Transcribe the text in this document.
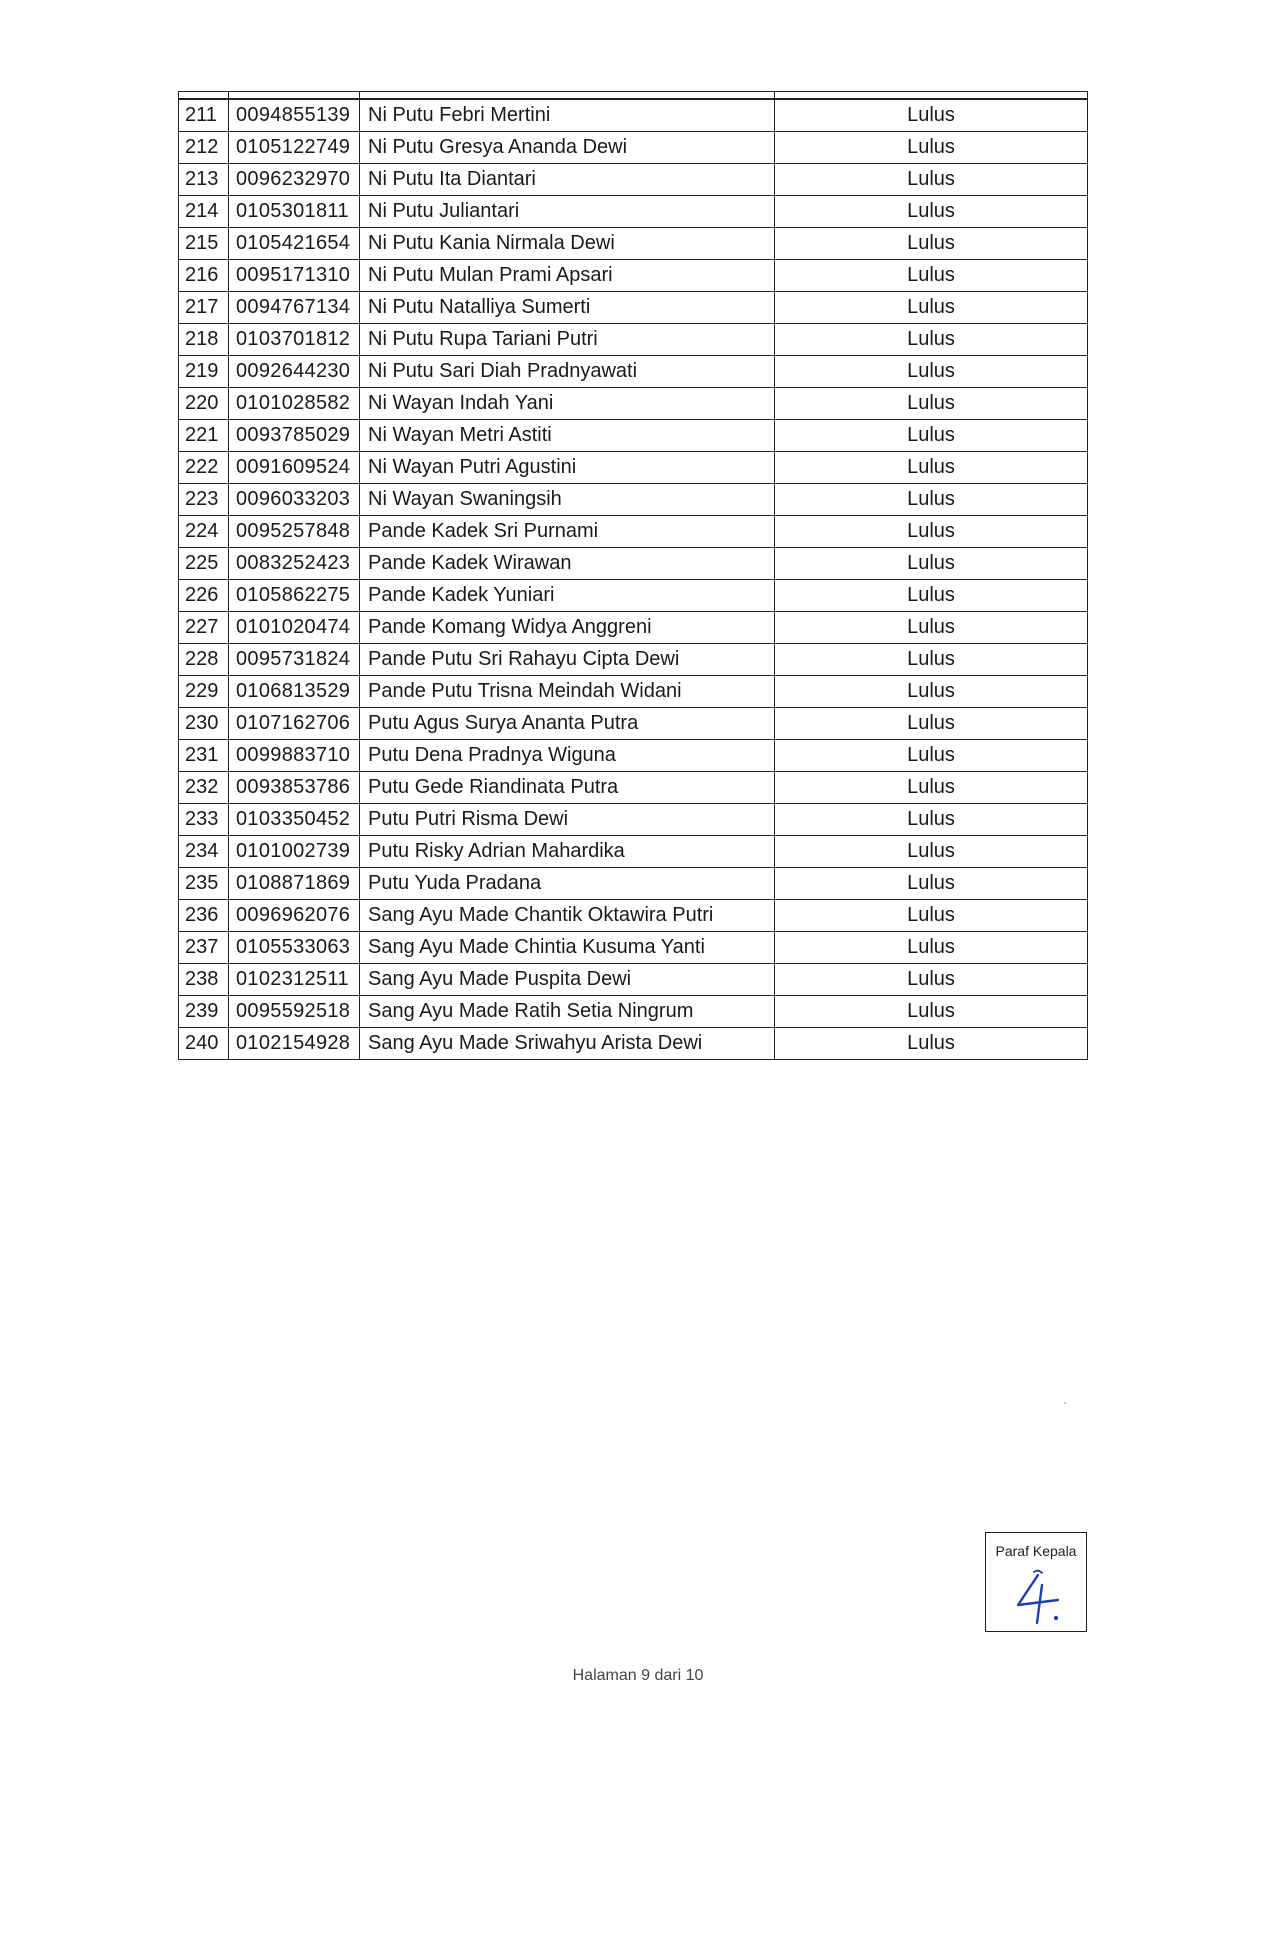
211	0094855139	Ni Putu Febri Mertini	Lulus
212	0105122749	Ni Putu Gresya Ananda Dewi	Lulus
213	0096232970	Ni Putu Ita Diantari	Lulus
214	0105301811	Ni Putu Juliantari	Lulus
215	0105421654	Ni Putu Kania Nirmala Dewi	Lulus
216	0095171310	Ni Putu Mulan Prami Apsari	Lulus
217	0094767134	Ni Putu Natalliya Sumerti	Lulus
218	0103701812	Ni Putu Rupa Tariani Putri	Lulus
219	0092644230	Ni Putu Sari Diah Pradnyawati	Lulus
220	0101028582	Ni Wayan Indah Yani	Lulus
221	0093785029	Ni Wayan Metri Astiti	Lulus
222	0091609524	Ni Wayan Putri Agustini	Lulus
223	0096033203	Ni Wayan Swaningsih	Lulus
224	0095257848	Pande Kadek Sri Purnami	Lulus
225	0083252423	Pande Kadek Wirawan	Lulus
226	0105862275	Pande Kadek Yuniari	Lulus
227	0101020474	Pande Komang Widya Anggreni	Lulus
228	0095731824	Pande Putu Sri Rahayu Cipta Dewi	Lulus
229	0106813529	Pande Putu Trisna Meindah Widani	Lulus
230	0107162706	Putu Agus Surya Ananta Putra	Lulus
231	0099883710	Putu Dena Pradnya Wiguna	Lulus
232	0093853786	Putu Gede Riandinata Putra	Lulus
233	0103350452	Putu Putri Risma Dewi	Lulus
234	0101002739	Putu Risky Adrian Mahardika	Lulus
235	0108871869	Putu Yuda Pradana	Lulus
236	0096962076	Sang Ayu Made Chantik Oktawira Putri	Lulus
237	0105533063	Sang Ayu Made Chintia Kusuma Yanti	Lulus
238	0102312511	Sang Ayu Made Puspita Dewi	Lulus
239	0095592518	Sang Ayu Made Ratih Setia Ningrum	Lulus
240	0102154928	Sang Ayu Made Sriwahyu Arista Dewi	Lulus
Paraf Kepala
Halaman 9 dari 10
